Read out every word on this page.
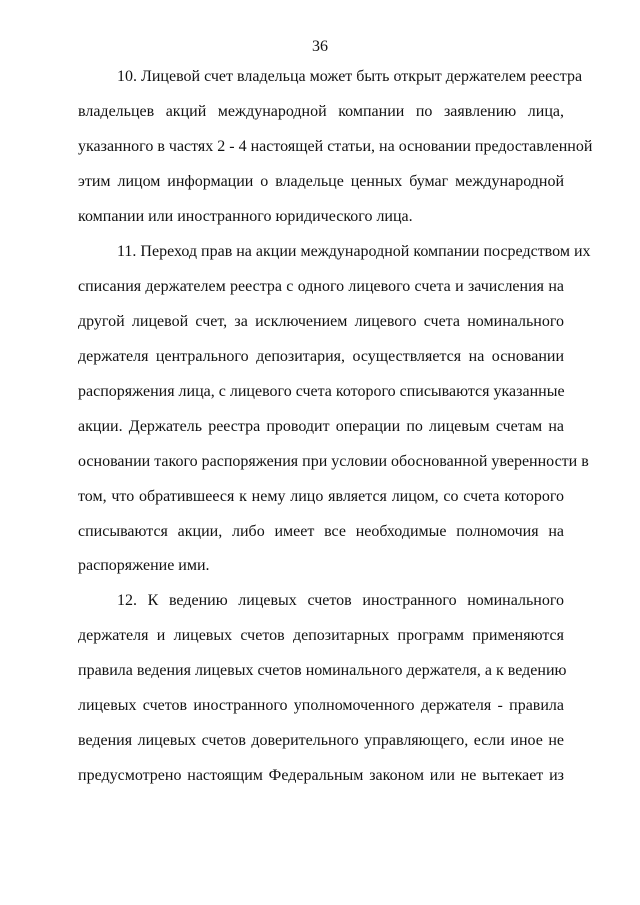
36
10. Лицевой счет владельца может быть открыт держателем реестра
владельцев акций международной компании по заявлению лица,
указанного в частях 2 - 4 настоящей статьи, на основании предоставленной
этим лицом информации о владельце ценных бумаг международной
компании или иностранного юридического лица.
11. Переход прав на акции международной компании посредством их
списания держателем реестра с одного лицевого счета и зачисления на
другой лицевой счет, за исключением лицевого счета номинального
держателя центрального депозитария, осуществляется на основании
распоряжения лица, с лицевого счета которого списываются указанные
акции. Держатель реестра проводит операции по лицевым счетам на
основании такого распоряжения при условии обоснованной уверенности в
том, что обратившееся к нему лицо является лицом, со счета которого
списываются акции, либо имеет все необходимые полномочия на
распоряжение ими.
12. К ведению лицевых счетов иностранного номинального
держателя и лицевых счетов депозитарных программ применяются
правила ведения лицевых счетов номинального держателя, а к ведению
лицевых счетов иностранного уполномоченного держателя - правила
ведения лицевых счетов доверительного управляющего, если иное не
предусмотрено настоящим Федеральным законом или не вытекает из
